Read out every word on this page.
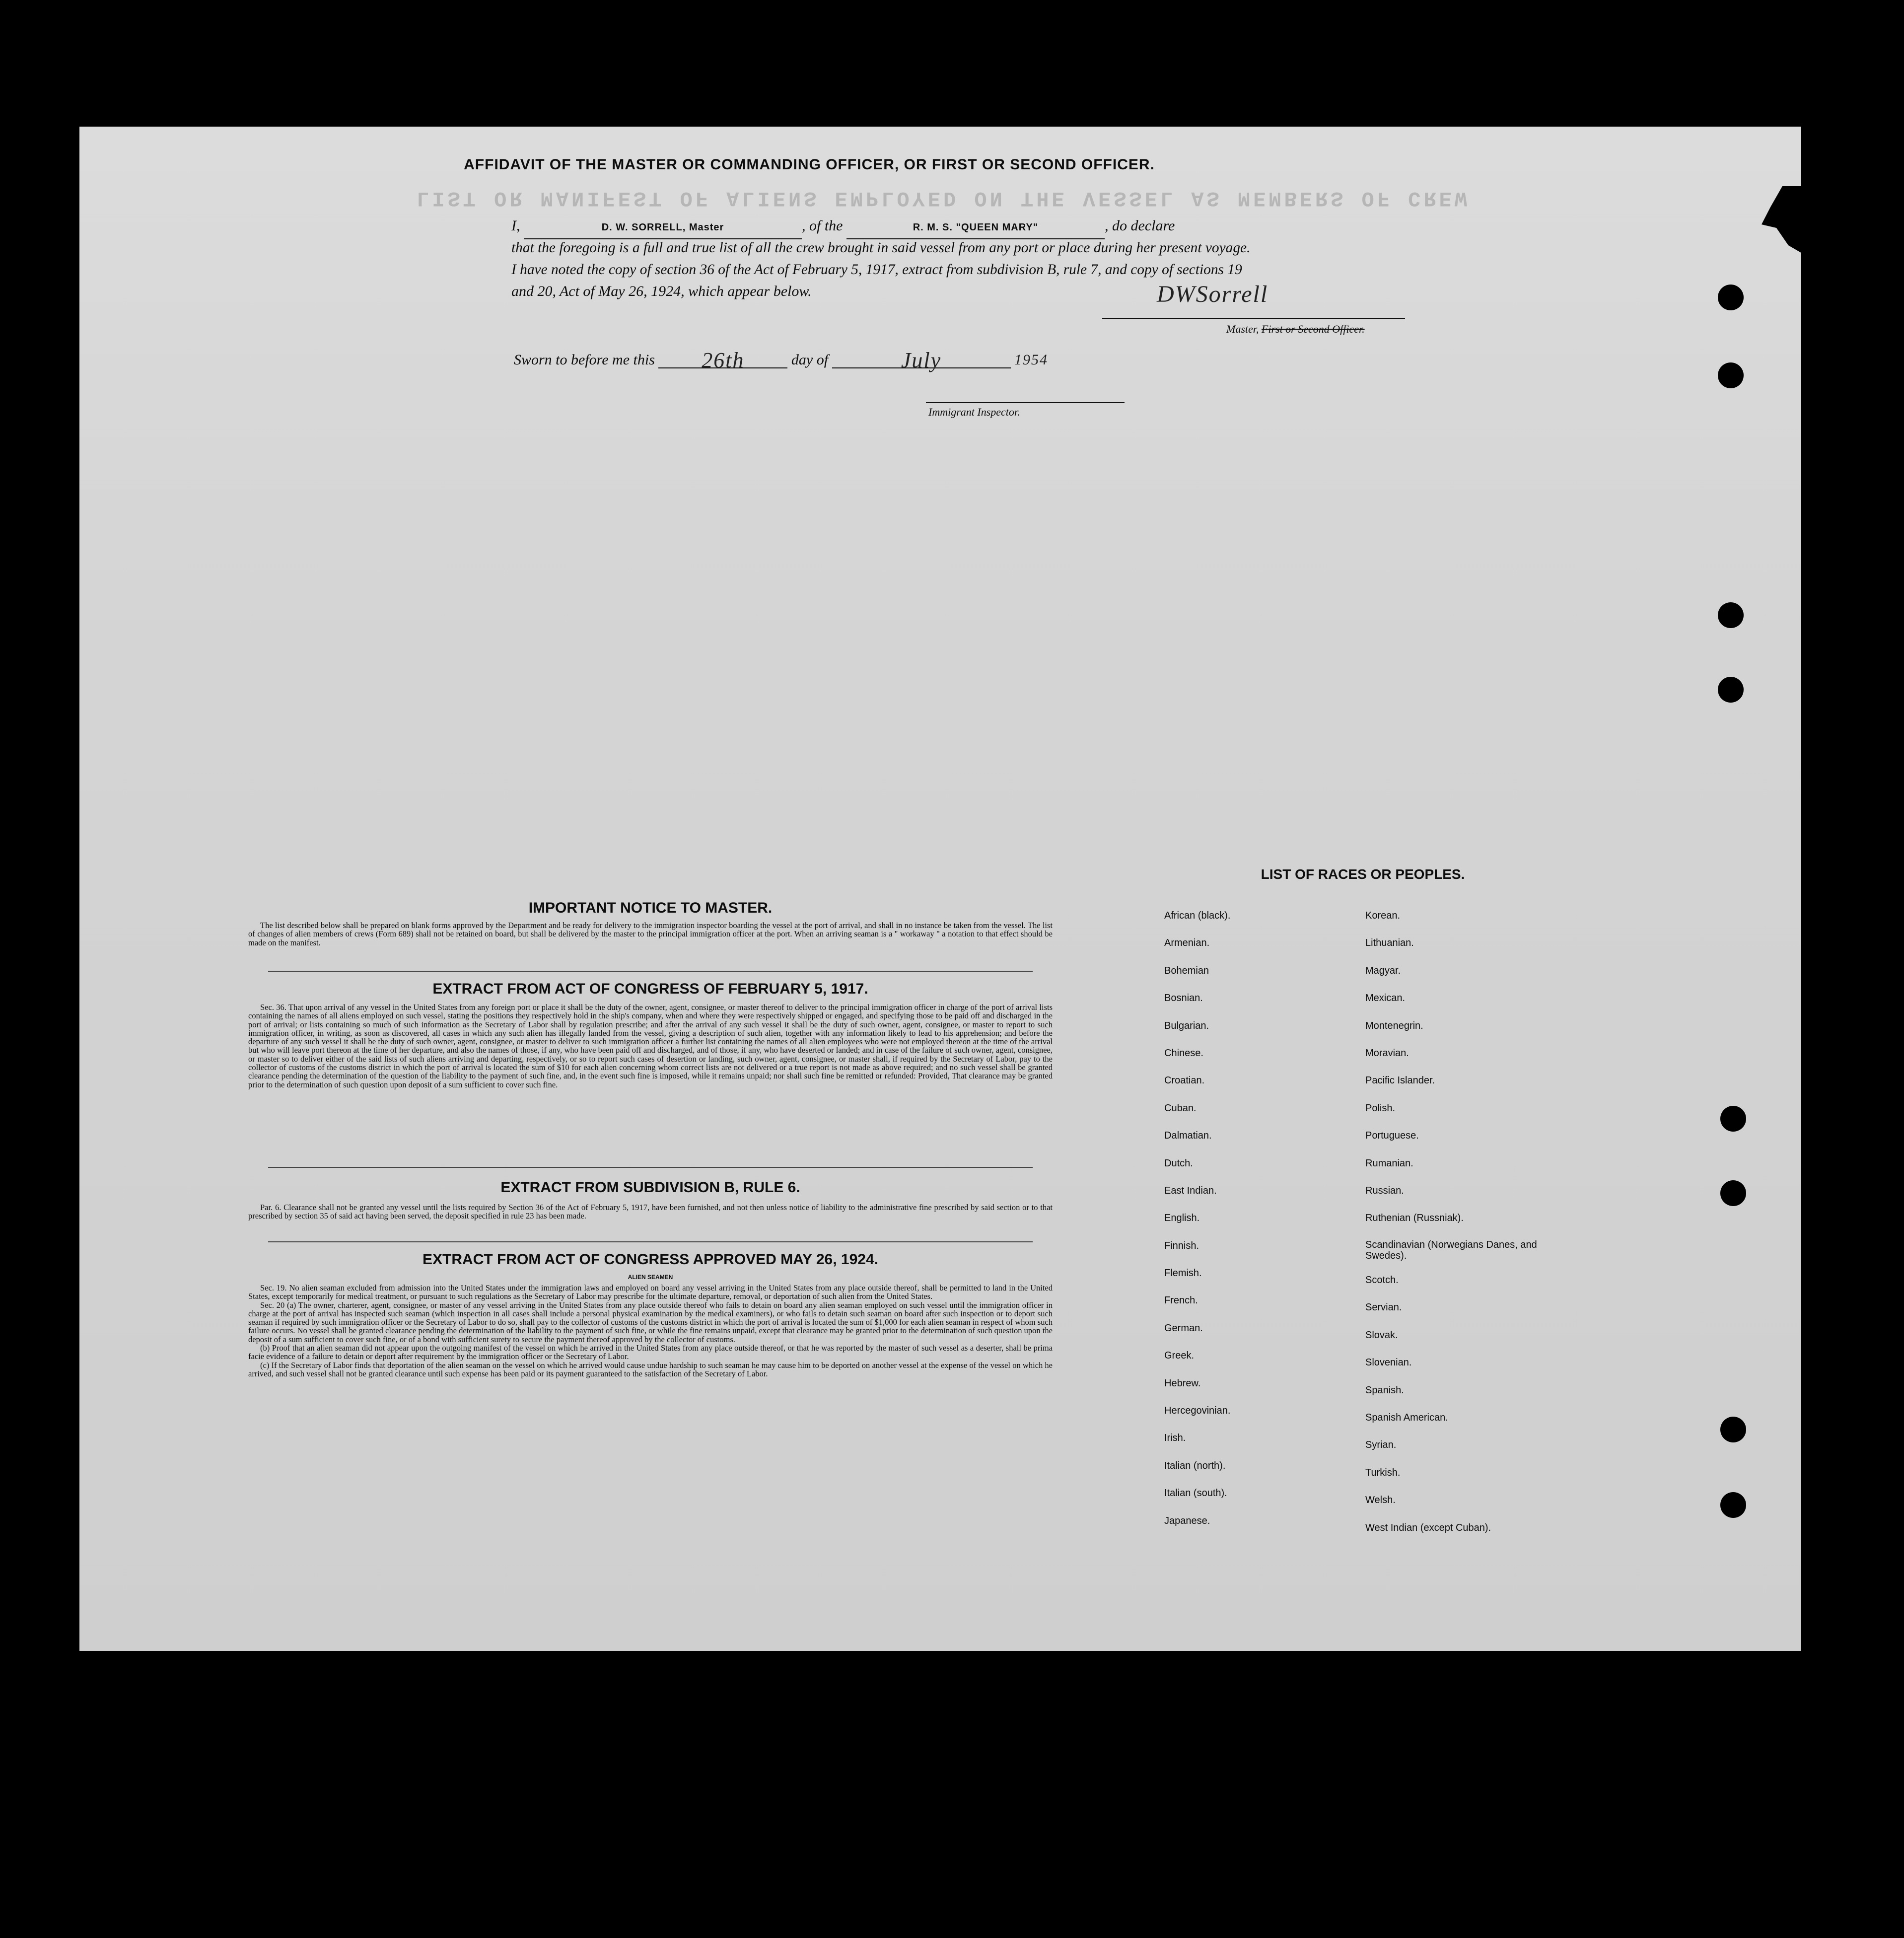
LIST OR MANIFEST OF ALIENS EMPLOYED ON THE VESSEL AS MEMBERS OF CREW
AFFIDAVIT OF THE MASTER OR COMMANDING OFFICER, OR FIRST OR SECOND OFFICER.
I,	D. W. SORRELL, Master	, of the	R. M. S. "QUEEN MARY"	, do declare
that the foregoing is a full and true list of all the crew brought in said vessel from any port or place during her present voyage.
I have noted the copy of section 36 of the Act of February 5, 1917, extract from subdivision B, rule 7, and copy of sections 19
and 20, Act of May 26, 1924, which appear below.	DWSorrell
Master, First or Second Officer.
Sworn to before me this 26th	day of	July	1954
Immigrant Inspector.
IMPORTANT NOTICE TO MASTER.

The list described below shall be prepared on blank forms approved by the Department and be ready for delivery to the immigration inspector boarding the vessel at the port of arrival, and shall in no instance be taken from the vessel. The list of changes of alien members of crews (Form 689) shall not be retained on board, but shall be delivered by the master to the principal immigration officer at the port. When an arriving seaman is a " workaway " a notation to that effect should be made on the manifest.

EXTRACT FROM ACT OF CONGRESS OF FEBRUARY 5, 1917.

Sec. 36. That upon arrival of any vessel in the United States from any foreign port or place it shall be the duty of the owner, agent, consignee, or master thereof to deliver to the principal immigration officer in charge of the port of arrival lists containing the names of all aliens employed on such vessel, stating the positions they respectively hold in the ship's company, when and where they were respectively shipped or engaged, and specifying those to be paid off and discharged in the port of arrival; or lists containing so much of such information as the Secretary of Labor shall by regulation prescribe; and after the arrival of any such vessel it shall be the duty of such owner, agent, consignee, or master to report to such immigration officer, in writing, as soon as discovered, all cases in which any such alien has illegally landed from the vessel, giving a description of such alien, together with any information likely to lead to his apprehension; and before the departure of any such vessel it shall be the duty of such owner, agent, consignee, or master to deliver to such immigration officer a further list containing the names of all alien employees who were not employed thereon at the time of the arrival but who will leave port thereon at the time of her departure, and also the names of those, if any, who have been paid off and discharged, and of those, if any, who have deserted or landed; and in case of the failure of such owner, agent, consignee, or master so to deliver either of the said lists of such aliens arriving and departing, respectively, or so to report such cases of desertion or landing, such owner, agent, consignee, or master shall, if required by the Secretary of Labor, pay to the collector of customs of the customs district in which the port of arrival is located the sum of $10 for each alien concerning whom correct lists are not delivered or a true report is not made as above required; and no such vessel shall be granted clearance pending the determination of the question of the liability to the payment of such fine, and, in the event such fine is imposed, while it remains unpaid; nor shall such fine be remitted or refunded: Provided, That clearance may be granted prior to the determination of such question upon deposit of a sum sufficient to cover such fine.

EXTRACT FROM SUBDIVISION B, RULE 6.

Par. 6. Clearance shall not be granted any vessel until the lists required by Section 36 of the Act of February 5, 1917, have been furnished, and not then unless notice of liability to the administrative fine prescribed by said section or to that prescribed by section 35 of said act having been served, the deposit specified in rule 23 has been made.

EXTRACT FROM ACT OF CONGRESS APPROVED MAY 26, 1924.
ALIEN SEAMEN

Sec. 19. No alien seaman excluded from admission into the United States under the immigration laws and employed on board any vessel arriving in the United States from any place outside thereof, shall be permitted to land in the United States, except temporarily for medical treatment, or pursuant to such regulations as the Secretary of Labor may prescribe for the ultimate departure, removal, or deportation of such alien from the United States.

Sec. 20 (a) The owner, charterer, agent, consignee, or master of any vessel arriving in the United States from any place outside thereof who fails to detain on board any alien seaman employed on such vessel until the immigration officer in charge at the port of arrival has inspected such seaman (which inspection in all cases shall include a personal physical examination by the medical examiners), or who fails to detain such seaman on board after such inspection or to deport such seaman if required by such immigration officer or the Secretary of Labor to do so, shall pay to the collector of customs of the customs district in which the port of arrival is located the sum of $1,000 for each alien seaman in respect of whom such failure occurs. No vessel shall be granted clearance pending the determination of the liability to the payment of such fine, or while the fine remains unpaid, except that clearance may be granted prior to the determination of such question upon the deposit of a sum sufficient to cover such fine, or of a bond with sufficient surety to secure the payment thereof approved by the collector of customs.

(b) Proof that an alien seaman did not appear upon the outgoing manifest of the vessel on which he arrived in the United States from any place outside thereof, or that he was reported by the master of such vessel as a deserter, shall be prima facie evidence of a failure to detain or deport after requirement by the immigration officer or the Secretary of Labor.

(c) If the Secretary of Labor finds that deportation of the alien seaman on the vessel on which he arrived would cause undue hardship to such seaman he may cause him to be deported on another vessel at the expense of the vessel on which he arrived, and such vessel shall not be granted clearance until such expense has been paid or its payment guaranteed to the satisfaction of the Secretary of Labor.

LIST OF RACES OR PEOPLES.
African (black).
Armenian.
Bohemian
Bosnian.
Bulgarian.
Chinese.
Croatian.
Cuban.
Dalmatian.
Dutch.
East Indian.
English.
Finnish.
Flemish.
French.
German.
Greek.
Hebrew.
Hercegovinian.
Irish.
Italian (north).
Italian (south).
Japanese.
Korean.
Lithuanian.
Magyar.
Mexican.
Montenegrin.
Moravian.
Pacific Islander.
Polish.
Portuguese.
Rumanian.
Russian.
Ruthenian (Russniak).
Scandinavian (Norwegians Danes, and Swedes).
Scotch.
Servian.
Slovak.
Slovenian.
Spanish.
Spanish American.
Syrian.
Turkish.
Welsh.
West Indian (except Cuban).
